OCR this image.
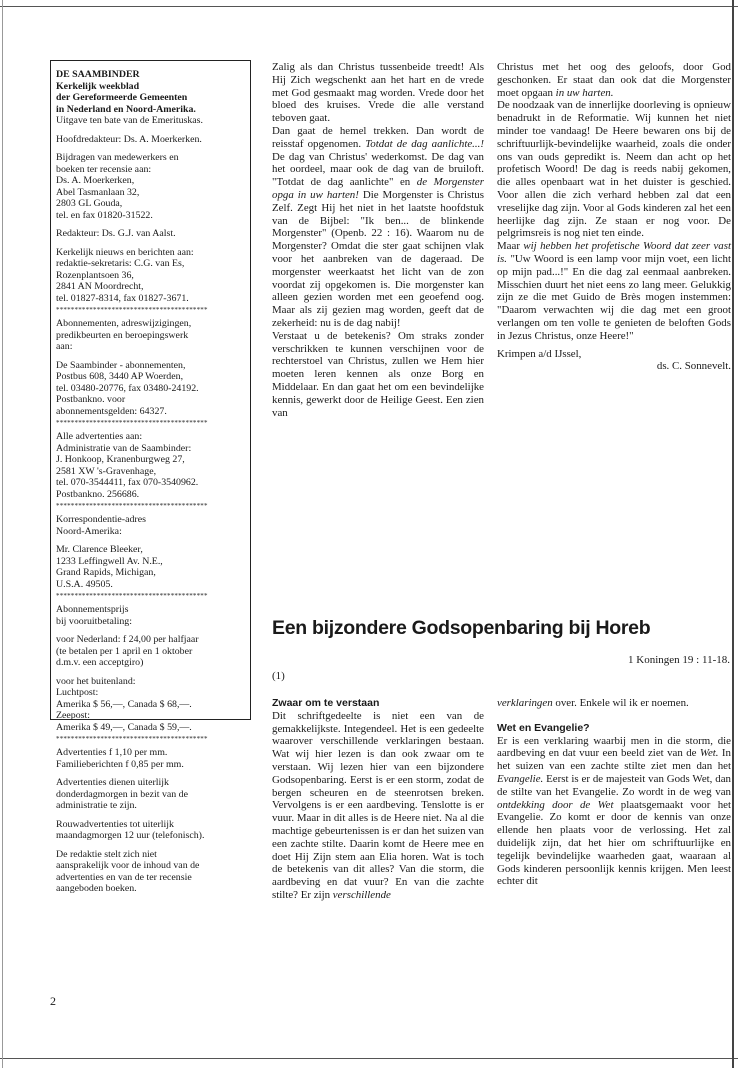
DE SAAMBINDER

Kerkelijk weekblad

der Gereformeerde Gemeenten

in Nederland en Noord-Amerika.

Uitgave ten bate van de Emerituskas.

Hoofdredakteur: Ds. A. Moerkerken.

Bijdragen van medewerkers en

boeken ter recensie aan:

Ds. A. Moerkerken,

Abel Tasmanlaan 32,

2803 GL Gouda,

tel. en fax 01820-31522.

Redakteur: Ds. G.J. van Aalst.

Kerkelijk nieuws en berichten aan:

redaktie-sekretaris: C.G. van Es,

Rozenplantsoen 36,

2841 AN Moordrecht,

tel. 01827-8314, fax 01827-3671.

*****************************************

Abonnementen, adreswijzigingen,

predikbeurten en beroepingswerk

aan:

De Saambinder - abonnementen,

Postbus 608, 3440 AP Woerden,

tel. 03480-20776, fax 03480-24192.

Postbankno. voor

abonnementsgelden: 64327.

*****************************************

Alle advertenties aan:

Administratie van de Saambinder:

J. Honkoop, Kranenburgweg 27,

2581 XW 's-Gravenhage,

tel. 070-3544411, fax 070-3540962.

Postbankno. 256686.

*****************************************

Korrespondentie-adres

Noord-Amerika:

Mr. Clarence Bleeker,

1233 Leffingwell Av. N.E.,

Grand Rapids, Michigan,

U.S.A. 49505.

*****************************************

Abonnementsprijs

bij vooruitbetaling:

voor Nederland: f 24,00 per halfjaar

(te betalen per 1 april en 1 oktober

d.m.v. een acceptgiro)

voor het buitenland:

Luchtpost:

Amerika $ 56,—, Canada $ 68,—.

Zeepost:

Amerika $ 49,—, Canada $ 59,—.

*****************************************

Advertenties f 1,10 per mm.

Familieberichten f 0,85 per mm.

Advertenties dienen uiterlijk

donderdagmorgen in bezit van de

administratie te zijn.

Rouwadvertenties tot uiterlijk

maandagmorgen 12 uur (telefonisch).

De redaktie stelt zich niet

aansprakelijk voor de inhoud van de

advertenties en van de ter recensie

aangeboden boeken.

Zalig als dan Christus tussenbeide treedt! Als Hij Zich wegschenkt aan het hart en de vrede met God gesmaakt mag worden. Vrede door het bloed des kruises. Vrede die alle verstand teboven gaat.

Dan gaat de hemel trekken. Dan wordt de reisstaf opgenomen. Totdat de dag aanlichte...! De dag van Christus' wederkomst. De dag van het oordeel, maar ook de dag van de bruiloft. "Totdat de dag aanlichte" en de Morgenster opga in uw harten! Die Morgenster is Christus Zelf. Zegt Hij het niet in het laatste hoofdstuk van de Bijbel: "Ik ben... de blinkende Morgenster" (Openb. 22 : 16). Waarom nu de Morgenster? Omdat die ster gaat schijnen vlak voor het aanbreken van de dageraad. De morgenster weerkaatst het licht van de zon voordat zij opgekomen is. Die morgenster kan alleen gezien worden met een geoefend oog. Maar als zij gezien mag worden, geeft dat de zekerheid: nu is de dag nabij!

Verstaat u de betekenis? Om straks zonder verschrikken te kunnen verschijnen voor de rechterstoel van Christus, zullen we Hem hier moeten leren kennen als onze Borg en Middelaar. En dan gaat het om een bevindelijke kennis, gewerkt door de Heilige Geest. Een zien van

Christus met het oog des geloofs, door God geschonken. Er staat dan ook dat die Morgenster moet opgaan in uw harten.

De noodzaak van de innerlijke doorleving is opnieuw benadrukt in de Reformatie. Wij kunnen het niet minder toe vandaag! De Heere bewaren ons bij de schriftuurlijk-bevindelijke waarheid, zoals die onder ons van ouds gepredikt is. Neem dan acht op het profetisch Woord! De dag is reeds nabij gekomen, die alles openbaart wat in het duister is geschied. Voor allen die zich verhard hebben zal dat een vreselijke dag zijn. Voor al Gods kinderen zal het een heerlijke dag zijn. Ze staan er nog voor. De pelgrimsreis is nog niet ten einde.

Maar wij hebben het profetische Woord dat zeer vast is. "Uw Woord is een lamp voor mijn voet, een licht op mijn pad...!" En die dag zal eenmaal aanbreken. Misschien duurt het niet eens zo lang meer. Gelukkig zijn ze die met Guido de Brès mogen instemmen: "Daarom verwachten wij die dag met een groot verlangen om ten volle te genieten de beloften Gods in Jezus Christus, onze Heere!"

Krimpen a/d IJssel,

ds. C. Sonnevelt.

Een bijzondere Godsopenbaring bij Horeb
1 Koningen 19 : 11-18.
(1)

Zwaar om te verstaan

Dit schriftgedeelte is niet een van de gemakkelijkste. Integendeel. Het is een gedeelte waarover verschillende verklaringen bestaan. Wat wij hier lezen is dan ook zwaar om te verstaan. Wij lezen hier van een bijzondere Godsopenbaring. Eerst is er een storm, zodat de bergen scheuren en de steenrotsen breken. Vervolgens is er een aardbeving. Tenslotte is er vuur. Maar in dit alles is de Heere niet. Na al die machtige gebeurtenissen is er dan het suizen van een zachte stilte. Daarin komt de Heere mee en doet Hij Zijn stem aan Elia horen. Wat is toch de betekenis van dit alles? Van die storm, die aardbeving en dat vuur? En van die zachte stilte? Er zijn verschillende

verklaringen over. Enkele wil ik er noemen.

Wet en Evangelie?

Er is een verklaring waarbij men in die storm, die aardbeving en dat vuur een beeld ziet van de Wet. In het suizen van een zachte stilte ziet men dan het Evangelie. Eerst is er de majesteit van Gods Wet, dan de stilte van het Evangelie. Zo wordt in de weg van ontdekking door de Wet plaatsgemaakt voor het Evangelie. Zo komt er door de kennis van onze ellende hen plaats voor de verlossing. Het zal duidelijk zijn, dat het hier om schriftuurlijke en tegelijk bevindelijke waarheden gaat, waaraan al Gods kinderen persoonlijk kennis krijgen. Men leest echter dit

2
